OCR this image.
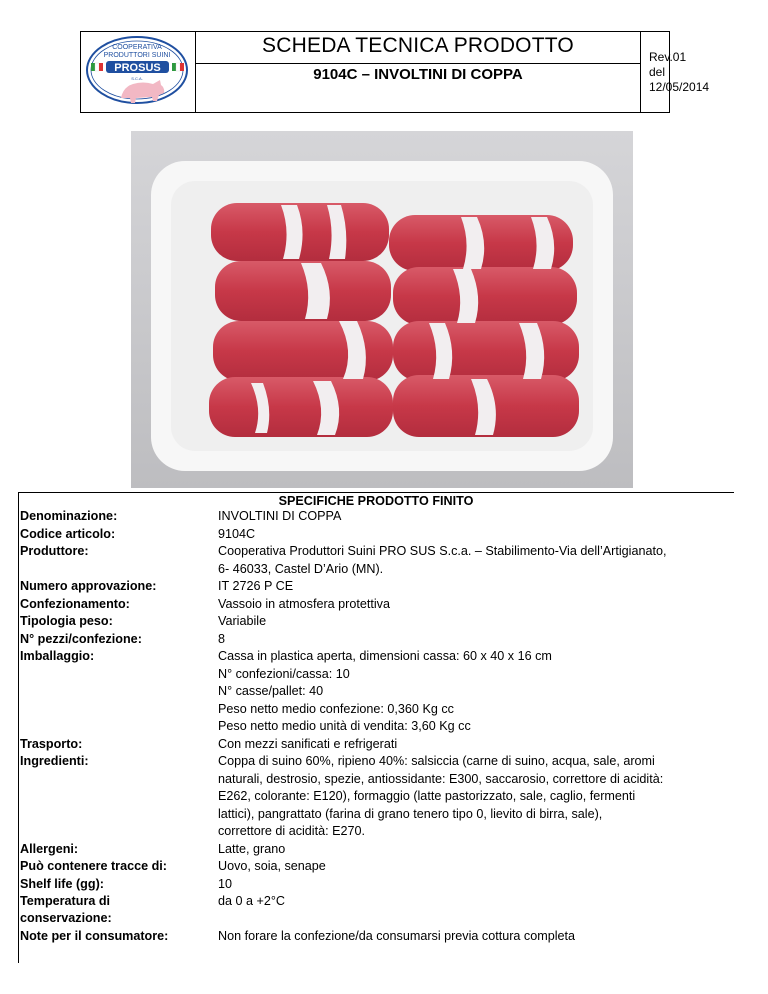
COOPERATIVA
PRODUTTORI SUINI
PROSUS
S.C.A.
SCHEDA TECNICA PRODOTTO
9104C – INVOLTINI DI COPPA
Rev.01
del 12/05/2014
SPECIFICHE PRODOTTO FINITO
Denominazione:	INVOLTINI DI COPPA
Codice articolo:	9104C
Produttore:	Cooperativa Produttori Suini PRO SUS S.c.a. – Stabilimento-Via dell’Artigianato,
6- 46033, Castel D’Ario (MN).
Numero approvazione:	IT 2726 P CE
Confezionamento:	Vassoio in atmosfera protettiva
Tipologia peso:	Variabile
N° pezzi/confezione:	8
Imballaggio:	Cassa in plastica aperta, dimensioni cassa: 60 x 40 x 16 cm
N° confezioni/cassa: 10
N° casse/pallet: 40
Peso netto medio confezione: 0,360 Kg cc
Peso netto medio unità di vendita: 3,60 Kg cc
Trasporto:	Con mezzi sanificati e refrigerati
Ingredienti:	Coppa di suino 60%, ripieno 40%: salsiccia (carne di suino, acqua, sale, aromi
naturali, destrosio, spezie, antiossidante: E300, saccarosio, correttore di acidità:
E262, colorante: E120), formaggio (latte pastorizzato, sale, caglio, fermenti
lattici), pangrattato (farina di grano tenero tipo 0, lievito di birra, sale),
correttore di acidità: E270.
Allergeni:	Latte, grano
Può contenere tracce di:	Uovo, soia, senape
Shelf life (gg):	10
Temperatura di
conservazione:
da 0 a +2°C

Note per il consumatore:	Non forare la confezione/da consumarsi previa cottura completa
